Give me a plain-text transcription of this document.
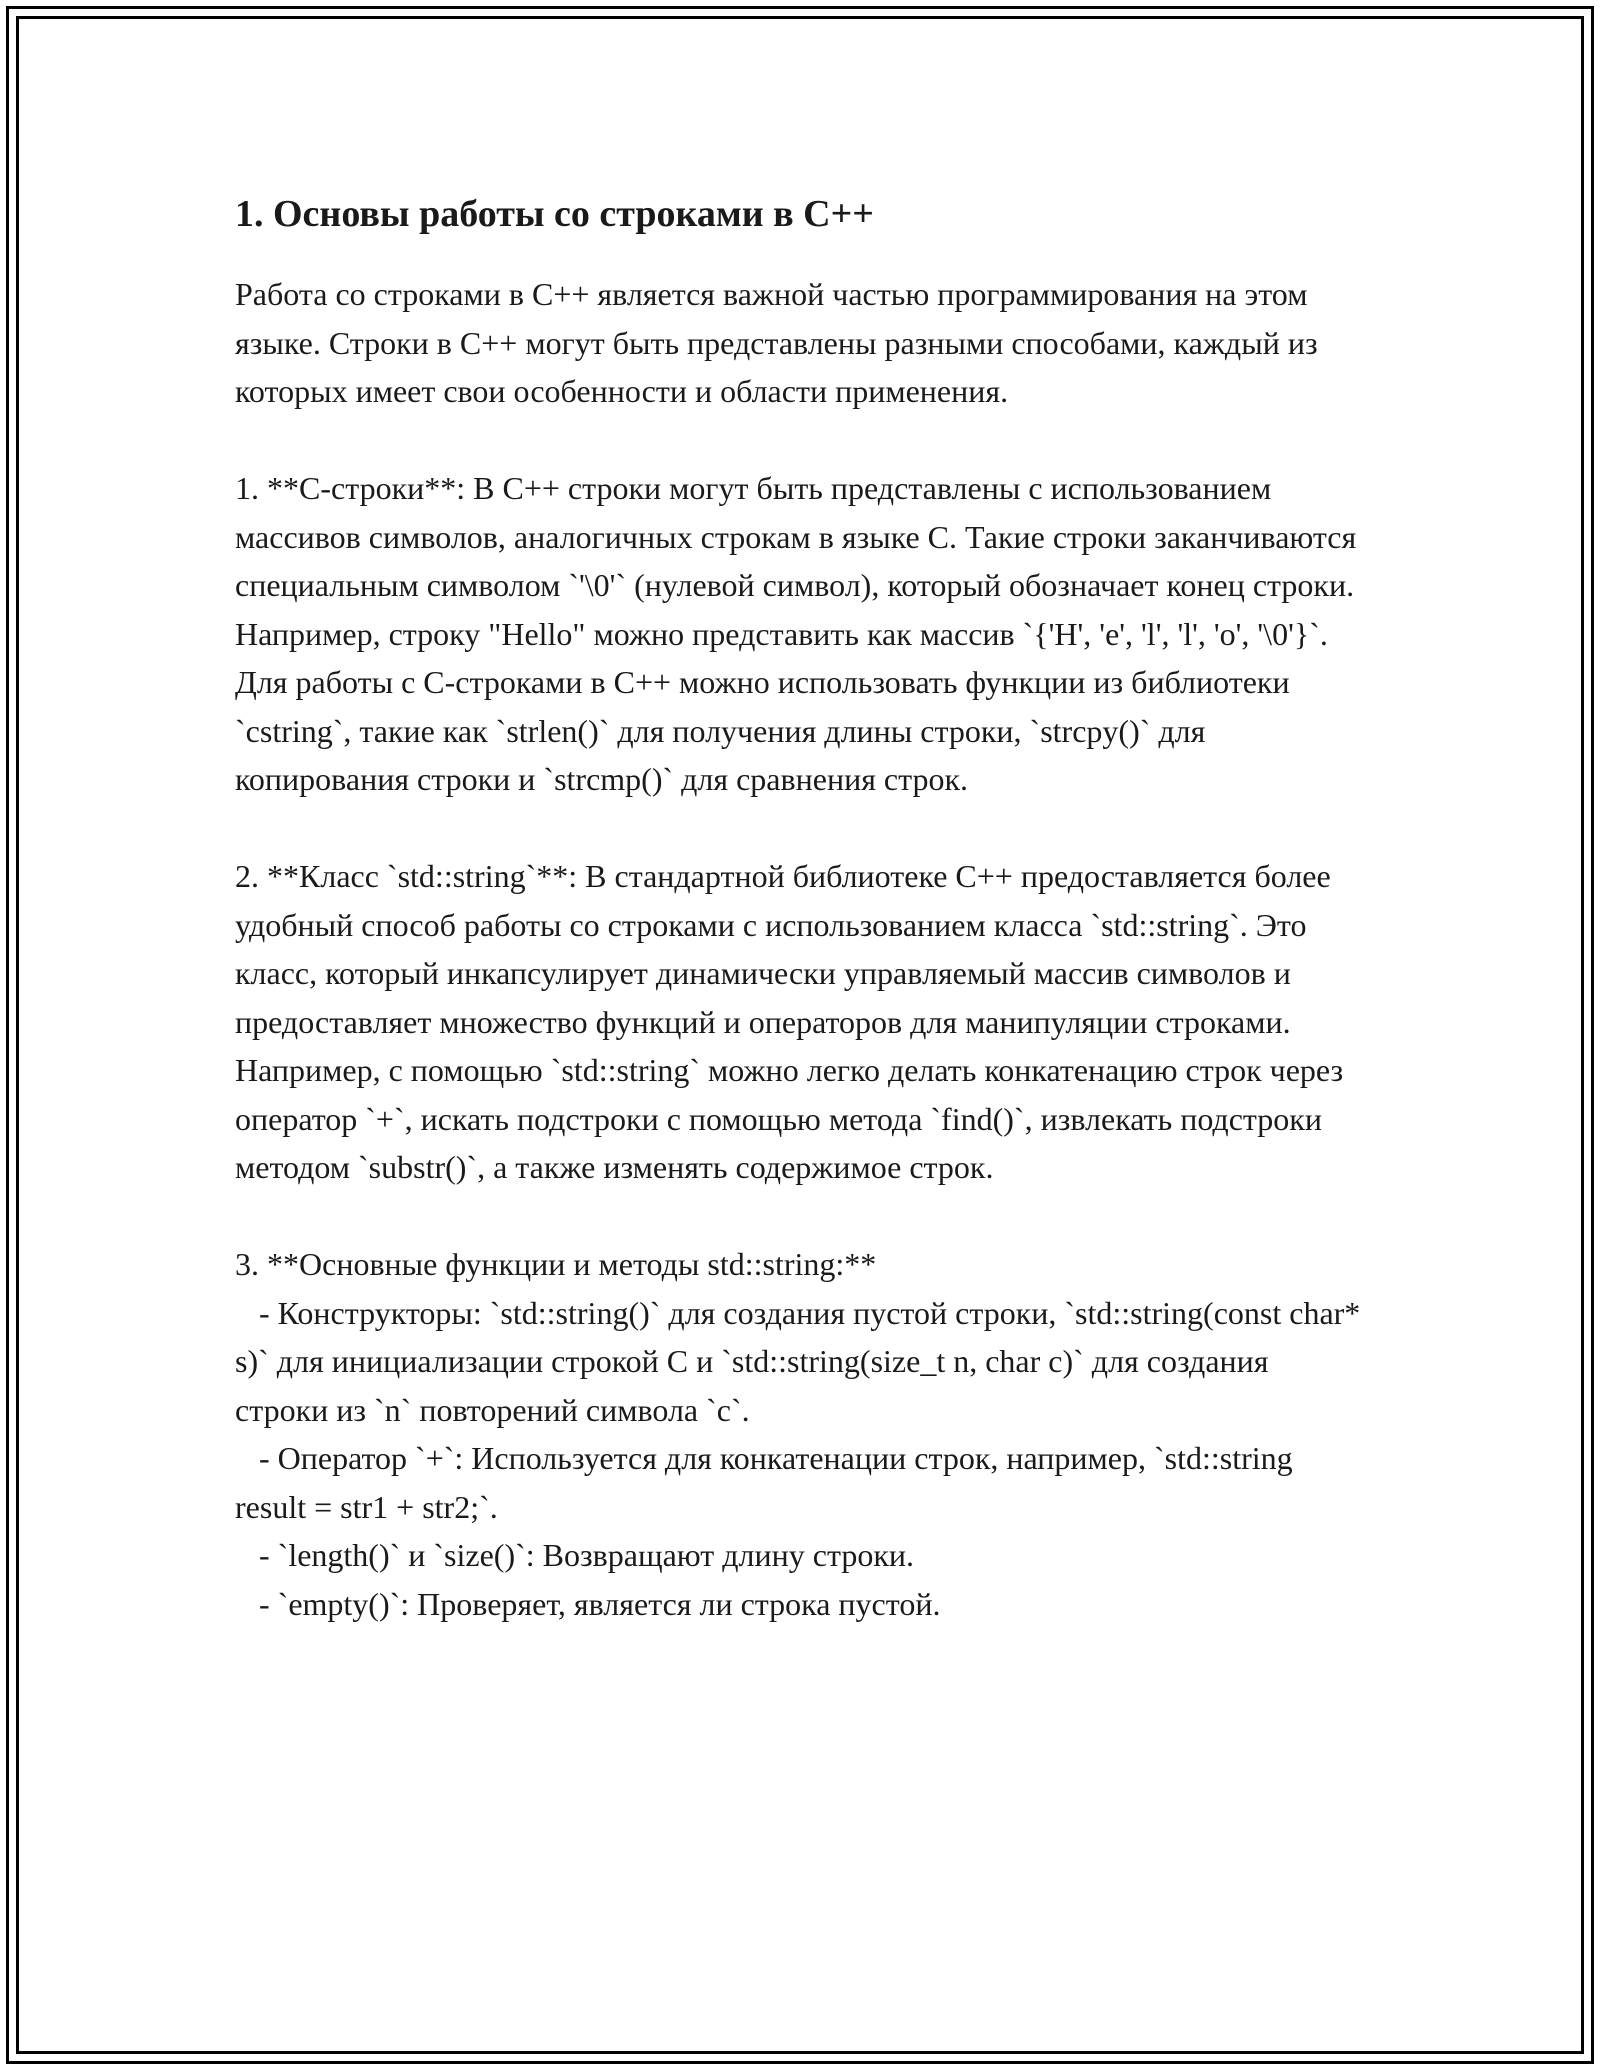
1. Основы работы со строками в C++

Работа со строками в C++ является важной частью программирования на этом языке. Строки в C++ могут быть представлены разными способами, каждый из которых имеет свои особенности и области применения.

1. **C-строки**: В C++ строки могут быть представлены с использованием массивов символов, аналогичных строкам в языке C. Такие строки заканчиваются специальным символом `'\0'` (нулевой символ), который обозначает конец строки. Например, строку "Hello" можно представить как массив `{'H', 'e', 'l', 'l', 'o', '\0'}`. Для работы с C-строками в C++ можно использовать функции из библиотеки `cstring`, такие как `strlen()` для получения длины строки, `strcpy()` для копирования строки и `strcmp()` для сравнения строк.

2. **Класс `std::string`**: В стандартной библиотеке C++ предоставляется более удобный способ работы со строками с использованием класса `std::string`. Это класс, который инкапсулирует динамически управляемый массив символов и предоставляет множество функций и операторов для манипуляции строками. Например, с помощью `std::string` можно легко делать конкатенацию строк через оператор `+`, искать подстроки с помощью метода `find()`, извлекать подстроки методом `substr()`, а также изменять содержимое строк.

3. **Основные функции и методы std::string:**

- Конструкторы: `std::string()` для создания пустой строки, `std::string(const char* s)` для инициализации строкой C и `std::string(size_t n, char c)` для создания строки из `n` повторений символа `c`.

- Оператор `+`: Используется для конкатенации строк, например, `std::string result = str1 + str2;`.

- `length()` и `size()`: Возвращают длину строки.

- `empty()`: Проверяет, является ли строка пустой.
